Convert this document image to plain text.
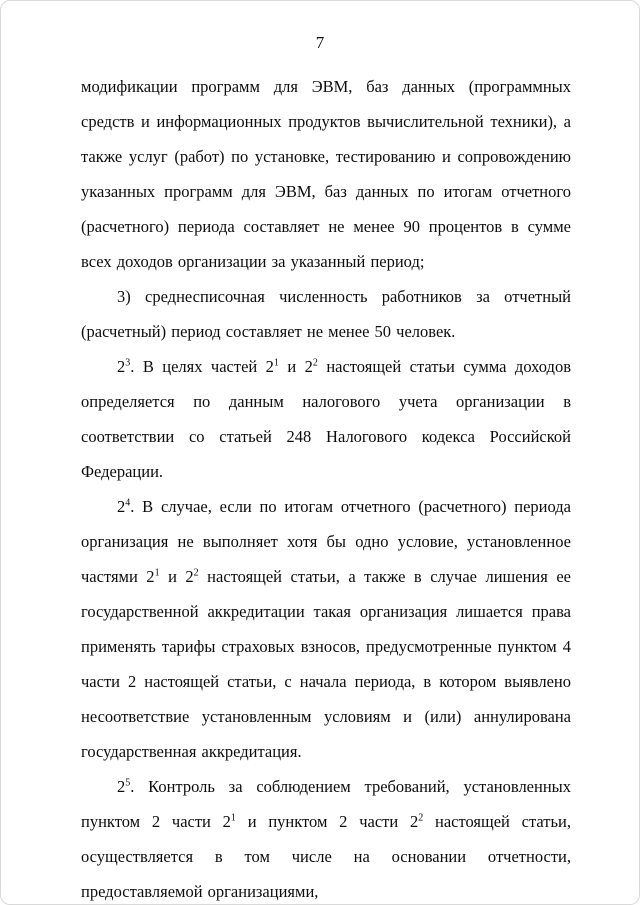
7

модификации программ для ЭВМ, баз данных (программных средств и информационных продуктов вычислительной техники), а также услуг (работ) по установке, тестированию и сопровождению указанных программ для ЭВМ, баз данных по итогам отчетного (расчетного) периода составляет не менее 90 процентов в сумме всех доходов организации за указанный период;

3) среднесписочная численность работников за отчетный (расчетный) период составляет не менее 50 человек.

$2^3$. В целях частей $2^1$ и $2^2$ настоящей статьи сумма доходов определяется по данным налогового учета организации в соответствии со статьей 248 Налогового кодекса Российской Федерации.

$2^4$. В случае, если по итогам отчетного (расчетного) периода организация не выполняет хотя бы одно условие, установленное частями $2^1$ и $2^2$ настоящей статьи, а также в случае лишения ее государственной аккредитации такая организация лишается права применять тарифы страховых взносов, предусмотренные пунктом 4 части 2 настоящей статьи, с начала периода, в котором выявлено несоответствие установленным условиям и (или) аннулирована государственная аккредитация.

$2^5$. Контроль за соблюдением требований, установленных пунктом 2 части $2^1$ и пунктом 2 части $2^2$ настоящей статьи, осуществляется в том числе на основании отчетности, предоставляемой организациями,
